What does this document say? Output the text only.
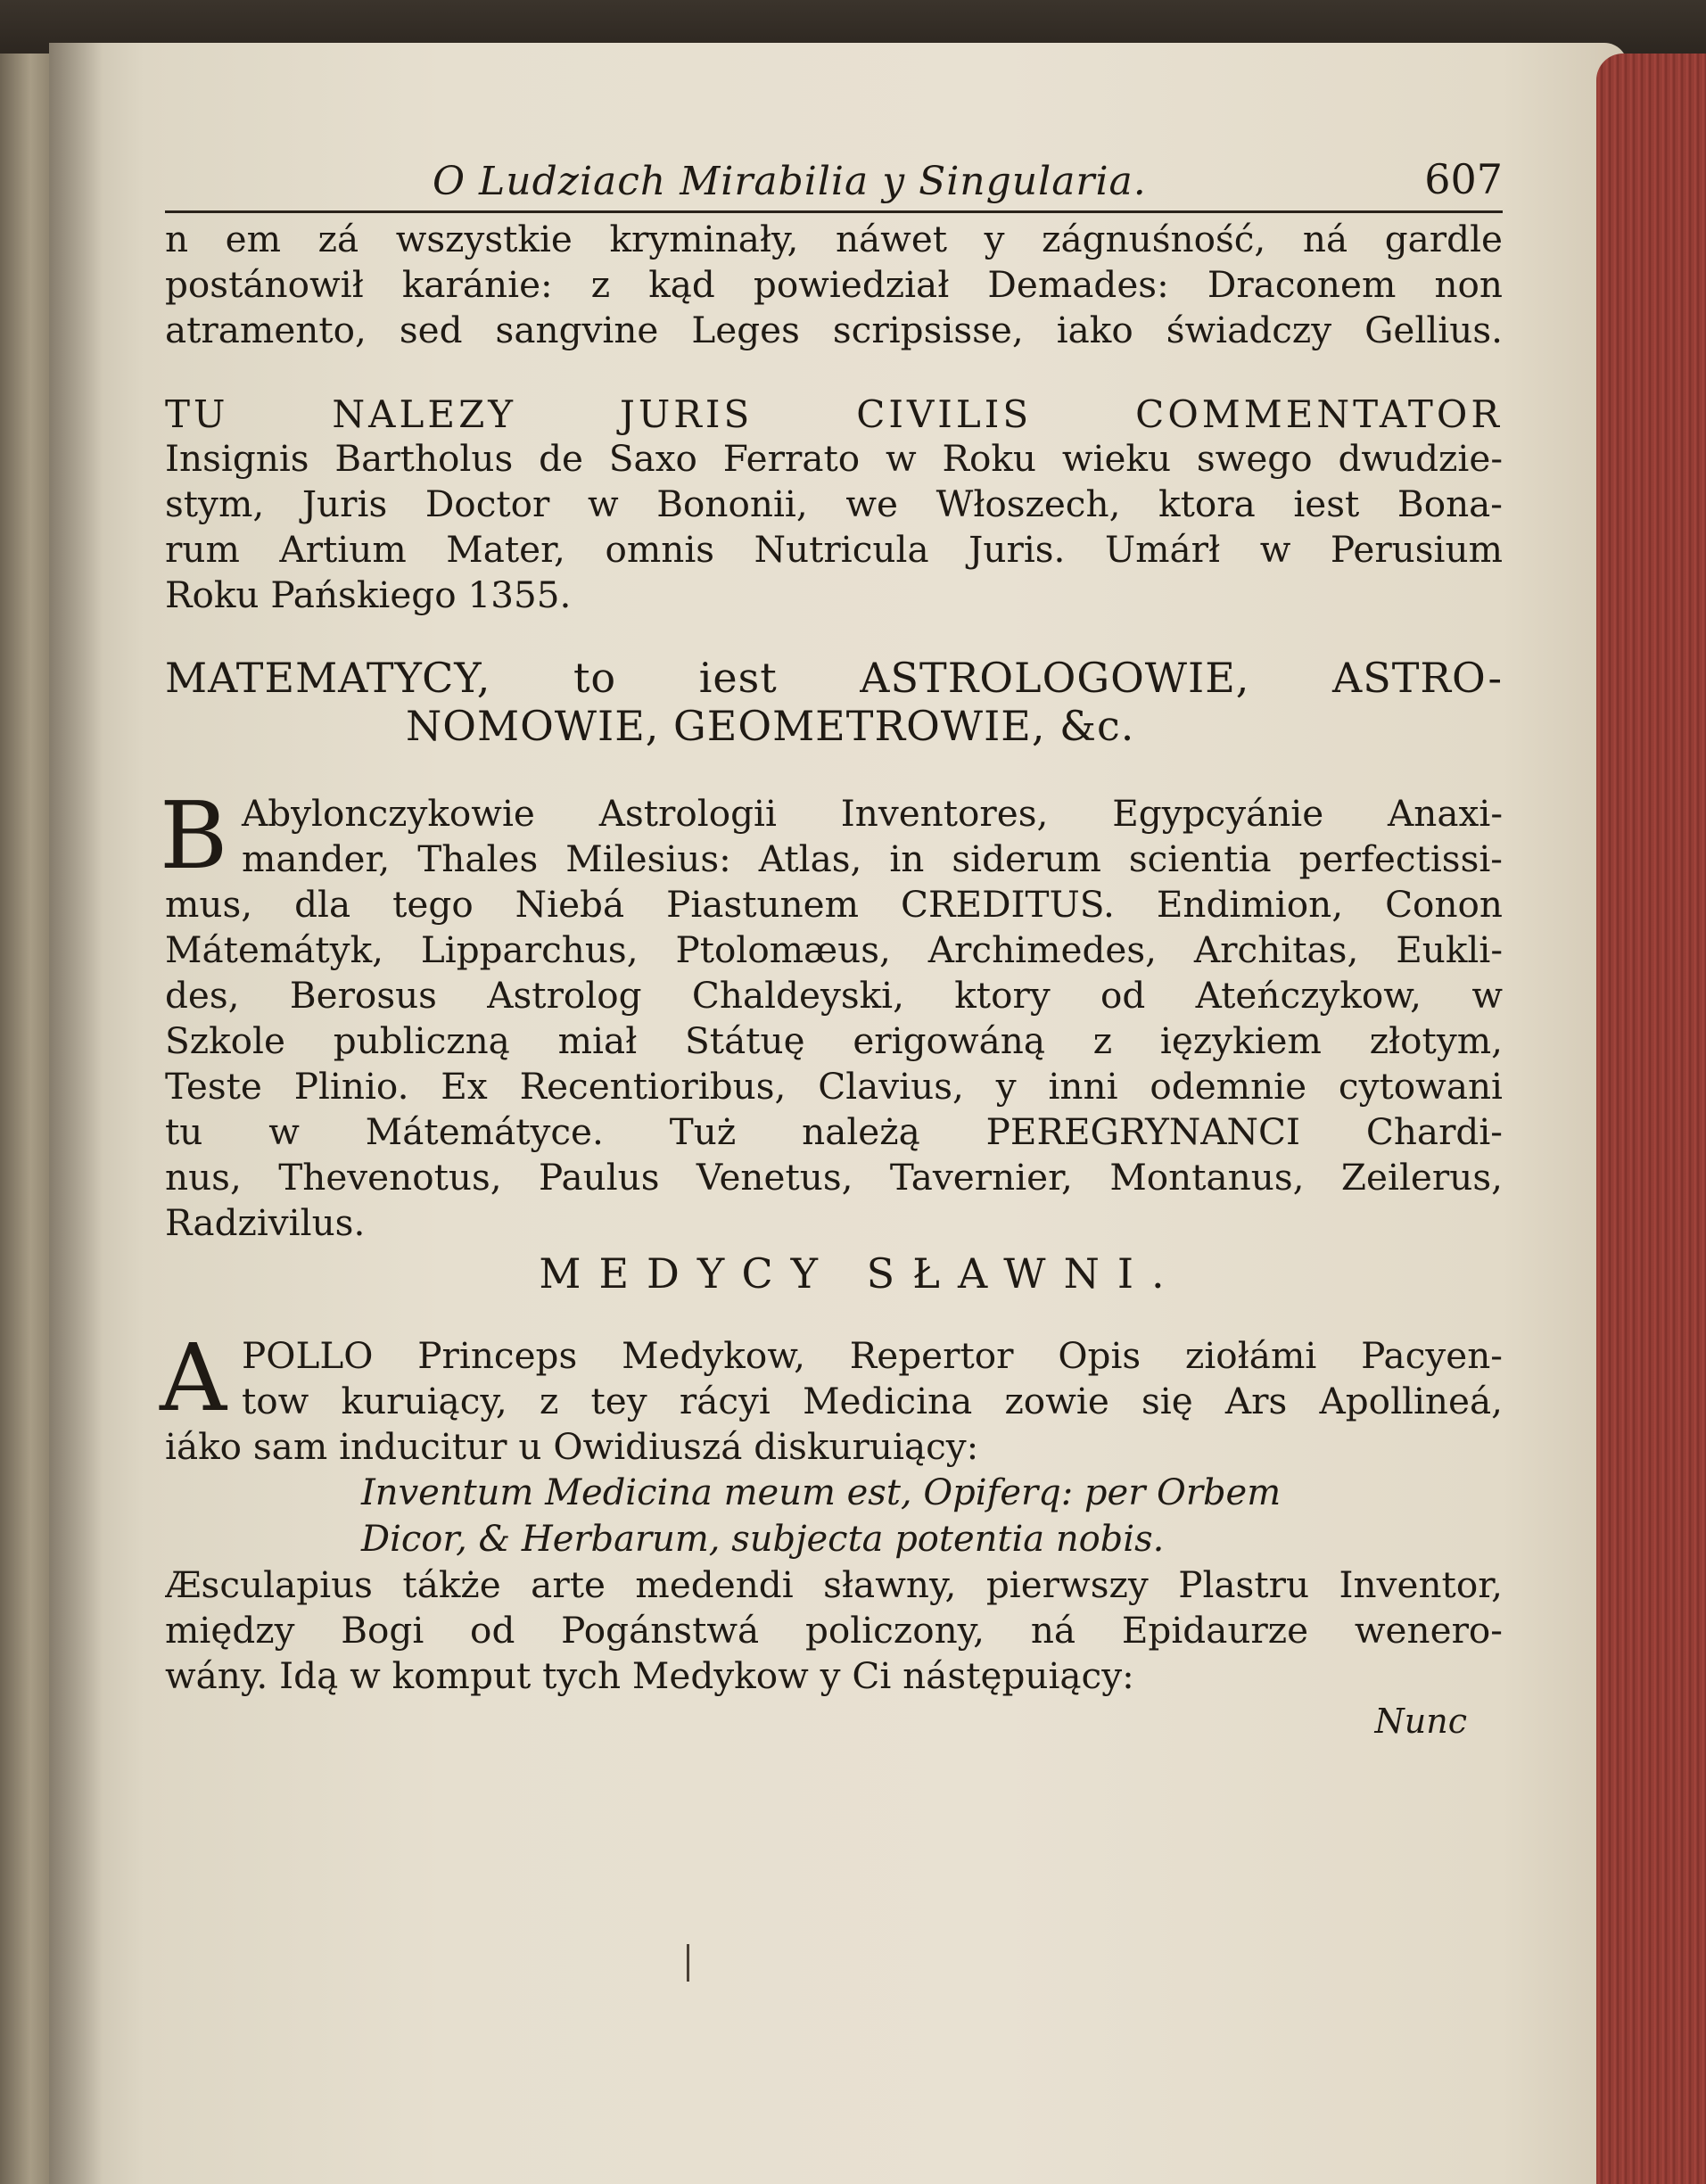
O Ludziach Mirabilia y Singularia.	607
n em zá wszystkie kryminały, náwet y zágnuśność, ná gardle
postánowił karánie: z kąd powiedział Demades: Draconem non
atramento, sed sangvine Leges scripsisse, iako świadczy Gellius.
TU NALEZY JURIS CIVILIS COMMENTATOR
Insignis Bartholus de Saxo Ferrato w Roku wieku swego dwudzie-
stym, Juris Doctor w Bononii, we Włoszech, ktora iest Bona-
rum Artium Mater, omnis Nutricula Juris. Umárł w Perusium
Roku Pańskiego 1355.
MATEMATYCY, to iest ASTROLOGOWIE, ASTRO-
NOMOWIE, GEOMETROWIE, &c.
B Abylonczykowie Astrologii Inventores, Egypcyánie Anaxi-
mander, Thales Milesius: Atlas, in siderum scientia perfectissi-
mus, dla tego Niebá Piastunem CREDITUS. Endimion, Conon
Mátemátyk, Lipparchus, Ptolomæus, Archimedes, Architas, Eukli-
des, Berosus Astrolog Chaldeyski, ktory od Ateńczykow, w
Szkole publiczną miał Státuę erigowáną z ięzykiem złotym,
Teste Plinio. Ex Recentioribus, Clavius, y inni odemnie cytowani
tu w Mátemátyce. Tuż należą PEREGRYNANCI Chardi-
nus, Thevenotus, Paulus Venetus, Tavernier, Montanus, Zeilerus,
Radzivilus.
MEDYCY SŁAWNI.
A POLLO Princeps Medykow, Repertor Opis ziołámi Pacyen-
tow kuruiący, z tey rácyi Medicina zowie się Ars Apollineá,
iáko sam inducitur u Owidiuszá diskuruiący:
Inventum Medicina meum est, Opiferq: per Orbem
Dicor, & Herbarum, subjecta potentia nobis.
Æsculapius tákże arte medendi sławny, pierwszy Plastru Inventor,
między Bogi od Pogánstwá policzony, ná Epidaurze wenero-
wány. Idą w komput tych Medykow y Ci nástępuiący:
Nunc
